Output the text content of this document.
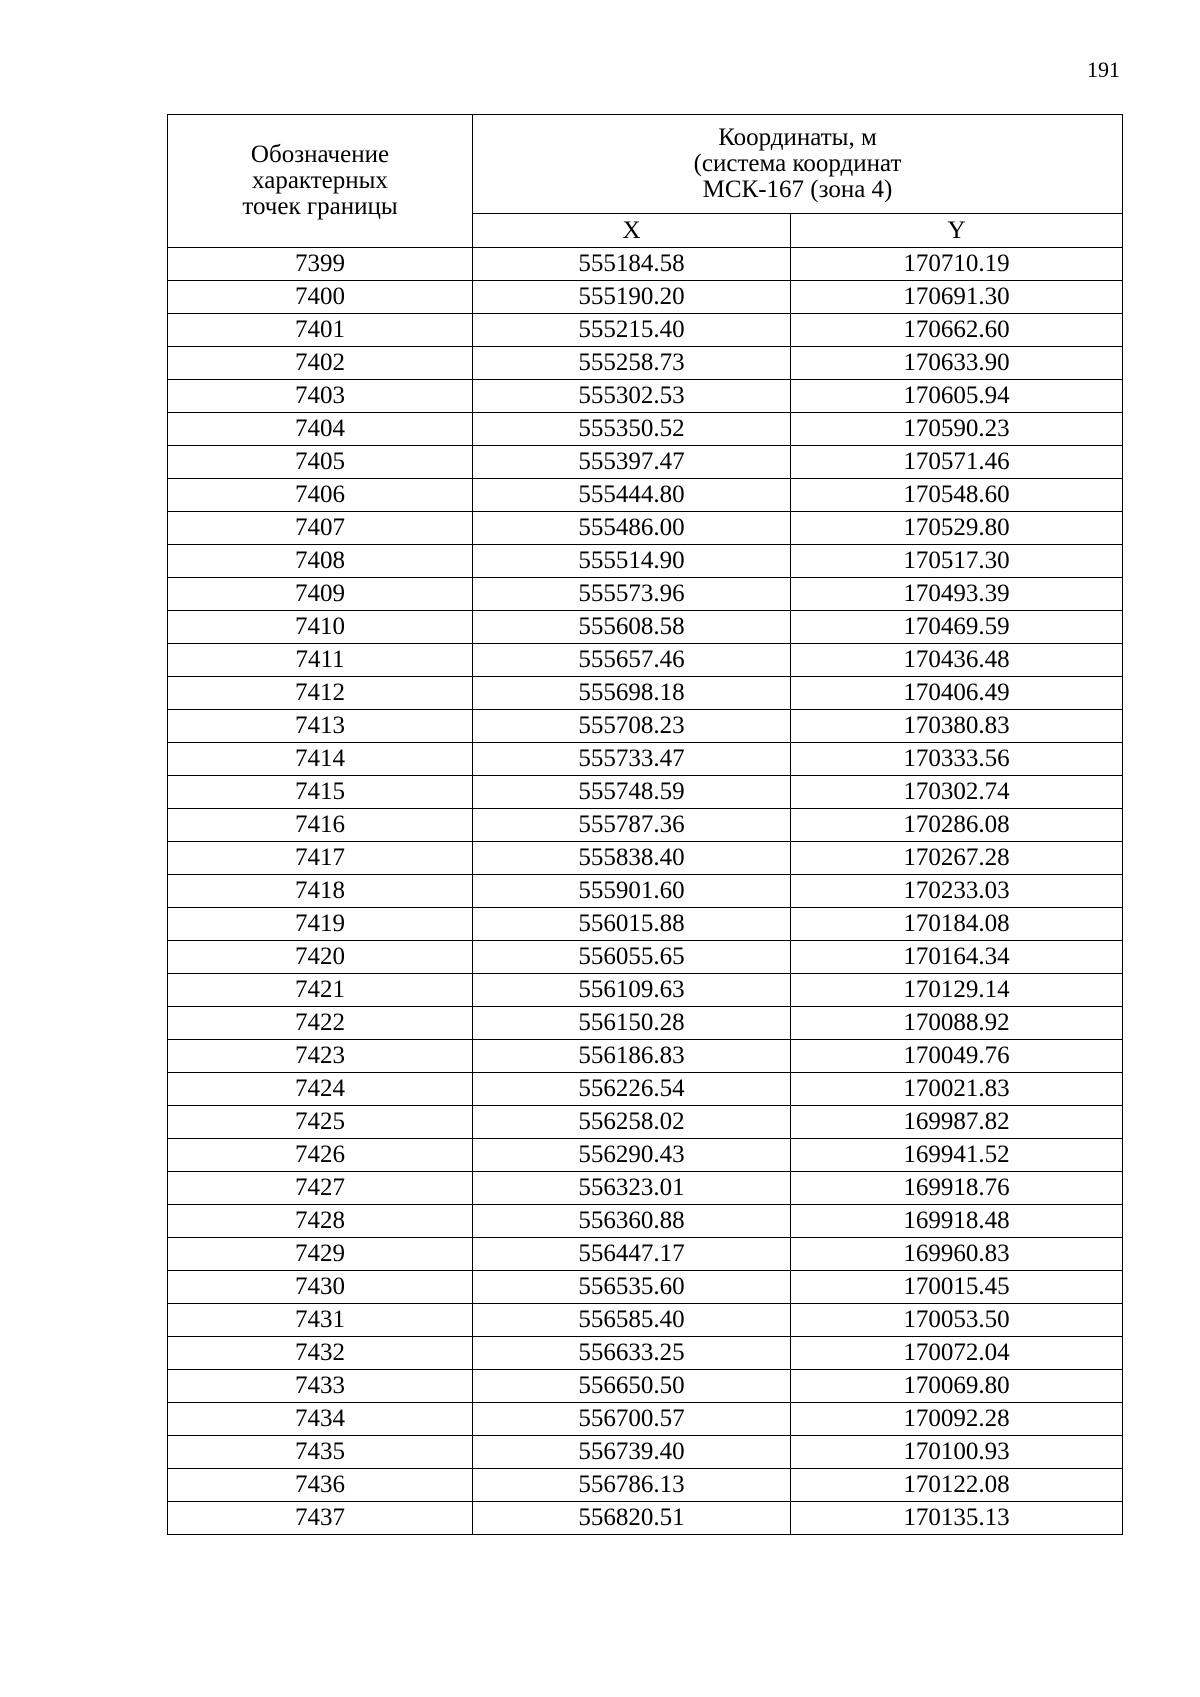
191
Обозначение
характерных
точек границы	Координаты, м
(система координат
МСК-167 (зона 4)	

	X	Y
7399	555184.58	170710.19
7400	555190.20	170691.30
7401	555215.40	170662.60
7402	555258.73	170633.90
7403	555302.53	170605.94
7404	555350.52	170590.23
7405	555397.47	170571.46
7406	555444.80	170548.60
7407	555486.00	170529.80
7408	555514.90	170517.30
7409	555573.96	170493.39
7410	555608.58	170469.59
7411	555657.46	170436.48
7412	555698.18	170406.49
7413	555708.23	170380.83
7414	555733.47	170333.56
7415	555748.59	170302.74
7416	555787.36	170286.08
7417	555838.40	170267.28
7418	555901.60	170233.03
7419	556015.88	170184.08
7420	556055.65	170164.34
7421	556109.63	170129.14
7422	556150.28	170088.92
7423	556186.83	170049.76
7424	556226.54	170021.83
7425	556258.02	169987.82
7426	556290.43	169941.52
7427	556323.01	169918.76
7428	556360.88	169918.48
7429	556447.17	169960.83
7430	556535.60	170015.45
7431	556585.40	170053.50
7432	556633.25	170072.04
7433	556650.50	170069.80
7434	556700.57	170092.28
7435	556739.40	170100.93
7436	556786.13	170122.08
7437	556820.51	170135.13
